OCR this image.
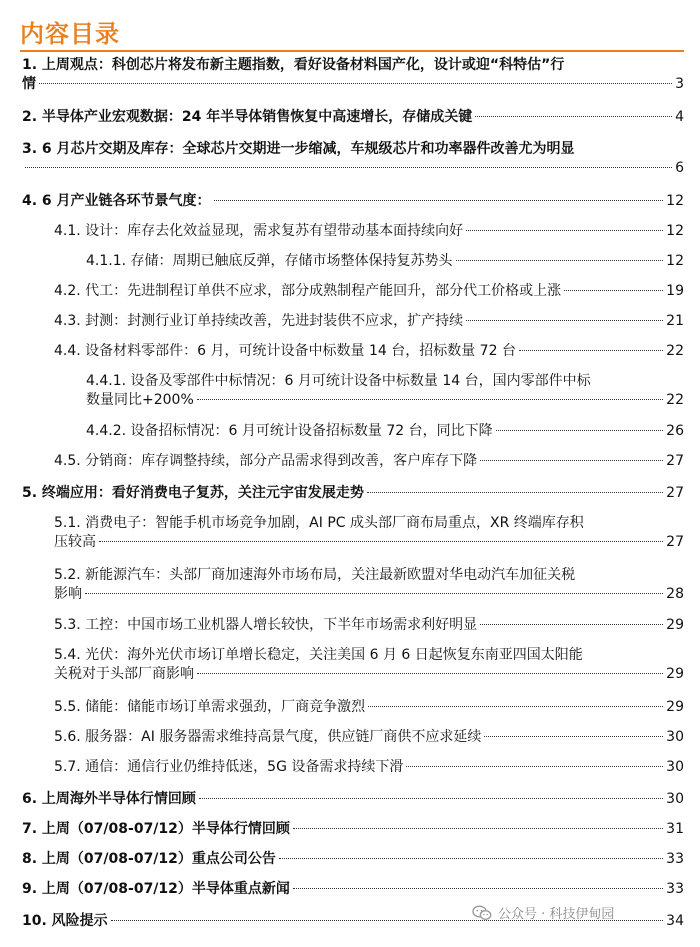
内容目录
1. 上周观点：科创芯片将发布新主题指数，看好设备材料国产化，设计或迎“科特估”行
情	3
2. 半导体产业宏观数据：24 年半导体销售恢复中高速增长，存储成关键	4
3. 6 月芯片交期及库存：全球芯片交期进一步缩减，车规级芯片和功率器件改善尤为明显
6
4. 6 月产业链各环节景气度：	12
4.1. 设计：库存去化效益显现，需求复苏有望带动基本面持续向好	12
4.1.1. 存储：周期已触底反弹，存储市场整体保持复苏势头	12
4.2. 代工：先进制程订单供不应求，部分成熟制程产能回升，部分代工价格或上涨	19
4.3. 封测：封测行业订单持续改善，先进封装供不应求，扩产持续	21
4.4. 设备材料零部件：6 月，可统计设备中标数量 14 台，招标数量 72 台	22
4.4.1. 设备及零部件中标情况：6 月可统计设备中标数量 14 台，国内零部件中标
数量同比+200%	22
4.4.2. 设备招标情况：6 月可统计设备招标数量 72 台，同比下降	26
4.5. 分销商：库存调整持续，部分产品需求得到改善，客户库存下降	27
5. 终端应用：看好消费电子复苏，关注元宇宙发展走势	27
5.1. 消费电子：智能手机市场竞争加剧，AI PC 成头部厂商布局重点，XR 终端库存积
压较高	27
5.2. 新能源汽车：头部厂商加速海外市场布局，关注最新欧盟对华电动汽车加征关税
影响	28
5.3. 工控：中国市场工业机器人增长较快，下半年市场需求利好明显	29
5.4. 光伏：海外光伏市场订单增长稳定，关注美国 6 月 6 日起恢复东南亚四国太阳能
关税对于头部厂商影响	29
5.5. 储能：储能市场订单需求强劲，厂商竞争激烈	29
5.6. 服务器：AI 服务器需求维持高景气度，供应链厂商供不应求延续	30
5.7. 通信：通信行业仍维持低迷，5G 设备需求持续下滑	30
6. 上周海外半导体行情回顾	30
7. 上周（07/08-07/12）半导体行情回顾	31
8. 上周（07/08-07/12）重点公司公告	33
9. 上周（07/08-07/12）半导体重点新闻	33
10. 风险提示	34
公众号 · 科技伊甸园
